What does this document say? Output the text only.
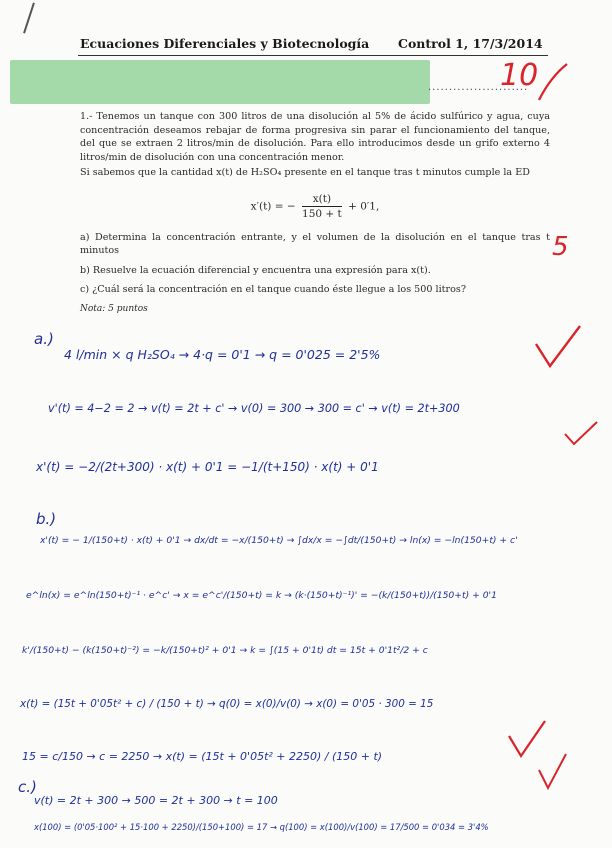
Ecuaciones Diferenciales y Biotecnología Control 1, 17/3/2014
........................
10

1.- Tenemos un tanque con 300 litros de una disolución al 5% de ácido sulfúrico y agua, cuya concentración deseamos rebajar de forma progresiva sin parar el funcionamiento del tanque, del que se extraen 2 litros/min de disolución. Para ello introducimos desde un grifo externo 4 litros/min de disolución con una concentración menor.

Si sabemos que la cantidad x(t) de H₂SO₄ presente en el tanque tras t minutos cumple la ED

x′(t) = − $\frac{x(t)}{150 + t} + 0'1$,

a) Determina la concentración entrante, y el volumen de la disolución en el tanque tras t minutos

b) Resuelve la ecuación diferencial y encuentra una expresión para x(t).

c) ¿Cuál será la concentración en el tanque cuando éste llegue a los 500 litros?

Nota: 5 puntos

5
a.)
4 l/min × q H₂SO₄ → 4·q = 0'1 → q = 0'025 = 2'5%
v'(t) = 4−2 = 2 → v(t) = 2t + c' → v(0) = 300 → 300 = c' → v(t) = 2t+300
x'(t) = −2/(2t+300) · x(t) + 0'1 = −1/(t+150) · x(t) + 0'1
b.)
x'(t) = − 1/(150+t) · x(t) + 0'1 → dx/dt = −x/(150+t) → ∫dx/x = −∫dt/(150+t) → ln(x) = −ln(150+t) + c'
e^ln(x) = e^ln(150+t)⁻¹ · e^c' → x = e^c'/(150+t) = k → (k·(150+t)⁻¹)' = −(k/(150+t))/(150+t) + 0'1
k'/(150+t) − (k(150+t)⁻²) = −k/(150+t)² + 0'1 → k = ∫(15 + 0'1t) dt = 15t + 0'1t²/2 + c
x(t) = (15t + 0'05t² + c) / (150 + t) → q(0) = x(0)/v(0) → x(0) = 0'05 · 300 = 15
15 = c/150 → c = 2250 → x(t) = (15t + 0'05t² + 2250) / (150 + t)
c.)
v(t) = 2t + 300 → 500 = 2t + 300 → t = 100
x(100) = (0'05·100² + 15·100 + 2250)/(150+100) = 17 → q(100) = x(100)/v(100) = 17/500 = 0'034 = 3'4%
